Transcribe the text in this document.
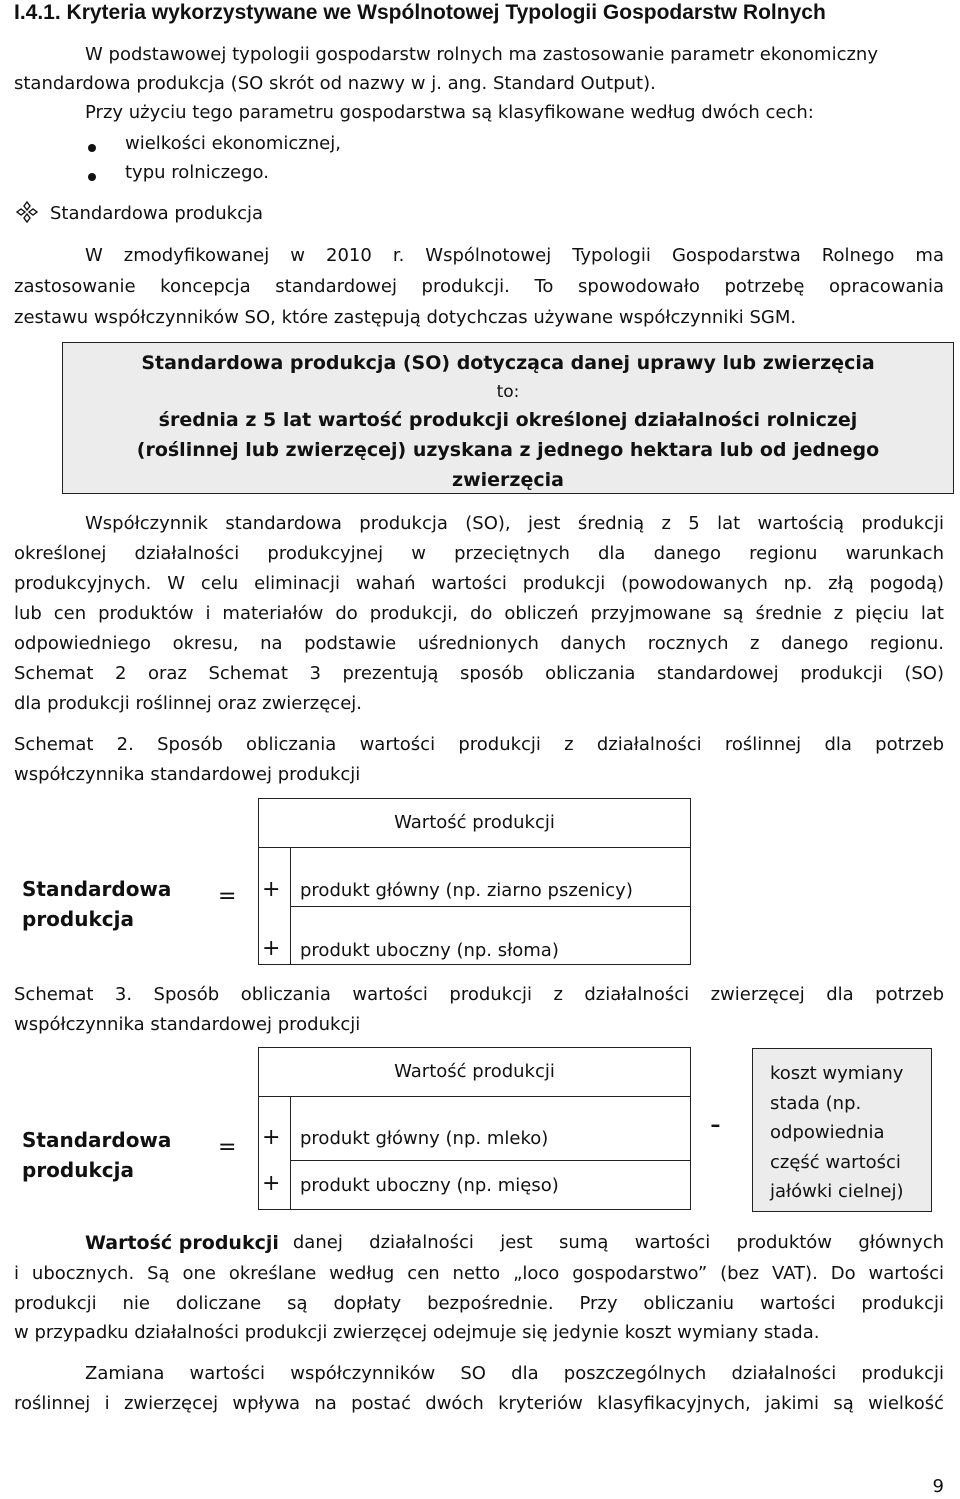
I.4.1. Kryteria wykorzystywane we Wspólnotowej Typologii Gospodarstw Rolnych
W podstawowej typologii gospodarstw rolnych ma zastosowanie parametr ekonomiczny
standardowa produkcja (SO skrót od nazwy w j. ang. Standard Output).
Przy użyciu tego parametru gospodarstwa są klasyfikowane według dwóch cech:
wielkości ekonomicznej,
typu rolniczego.
Standardowa produkcja
W zmodyfikowanej w 2010 r. Wspólnotowej Typologii Gospodarstwa Rolnego ma
zastosowanie koncepcja standardowej produkcji. To spowodowało potrzebę opracowania
zestawu współczynników SO, które zastępują dotychczas używane współczynniki SGM.
Standardowa produkcja (SO) dotycząca danej uprawy lub zwierzęcia
to:
średnia z 5 lat wartość produkcji określonej działalności rolniczej
(roślinnej lub zwierzęcej) uzyskana z jednego hektara lub od jednego
zwierzęcia
Współczynnik standardowa produkcja (SO), jest średnią z 5 lat wartością produkcji
określonej działalności produkcyjnej w przeciętnych dla danego regionu warunkach
produkcyjnych. W celu eliminacji wahań wartości produkcji (powodowanych np. złą pogodą)
lub cen produktów i materiałów do produkcji, do obliczeń przyjmowane są średnie z pięciu lat
odpowiedniego okresu, na podstawie uśrednionych danych rocznych z danego regionu.
Schemat 2 oraz Schemat 3 prezentują sposób obliczania standardowej produkcji (SO)
dla produkcji roślinnej oraz zwierzęcej.
Schemat 2. Sposób obliczania wartości produkcji z działalności roślinnej dla potrzeb
współczynnika standardowej produkcji
Wartość produkcji
Standardowa
produkcja
= + produkt główny (np. ziarno pszenicy)
+ produkt uboczny (np. słoma)
Schemat 3. Sposób obliczania wartości produkcji z działalności zwierzęcej dla potrzeb
współczynnika standardowej produkcji
Wartość produkcji
Standardowa
produkcja
= + produkt główny (np. mleko)
+ produkt uboczny (np. mięso)
-
koszt wymiany
stada (np.
odpowiednia
część wartości
jałówki cielnej)
Wartość produkcji danej działalności jest sumą wartości produktów głównych
i ubocznych. Są one określane według cen netto „loco gospodarstwo” (bez VAT). Do wartości
produkcji nie doliczane są dopłaty bezpośrednie. Przy obliczaniu wartości produkcji
w przypadku działalności produkcji zwierzęcej odejmuje się jedynie koszt wymiany stada.
Zamiana wartości współczynników SO dla poszczególnych działalności produkcji
roślinnej i zwierzęcej wpływa na postać dwóch kryteriów klasyfikacyjnych, jakimi są wielkość
9
